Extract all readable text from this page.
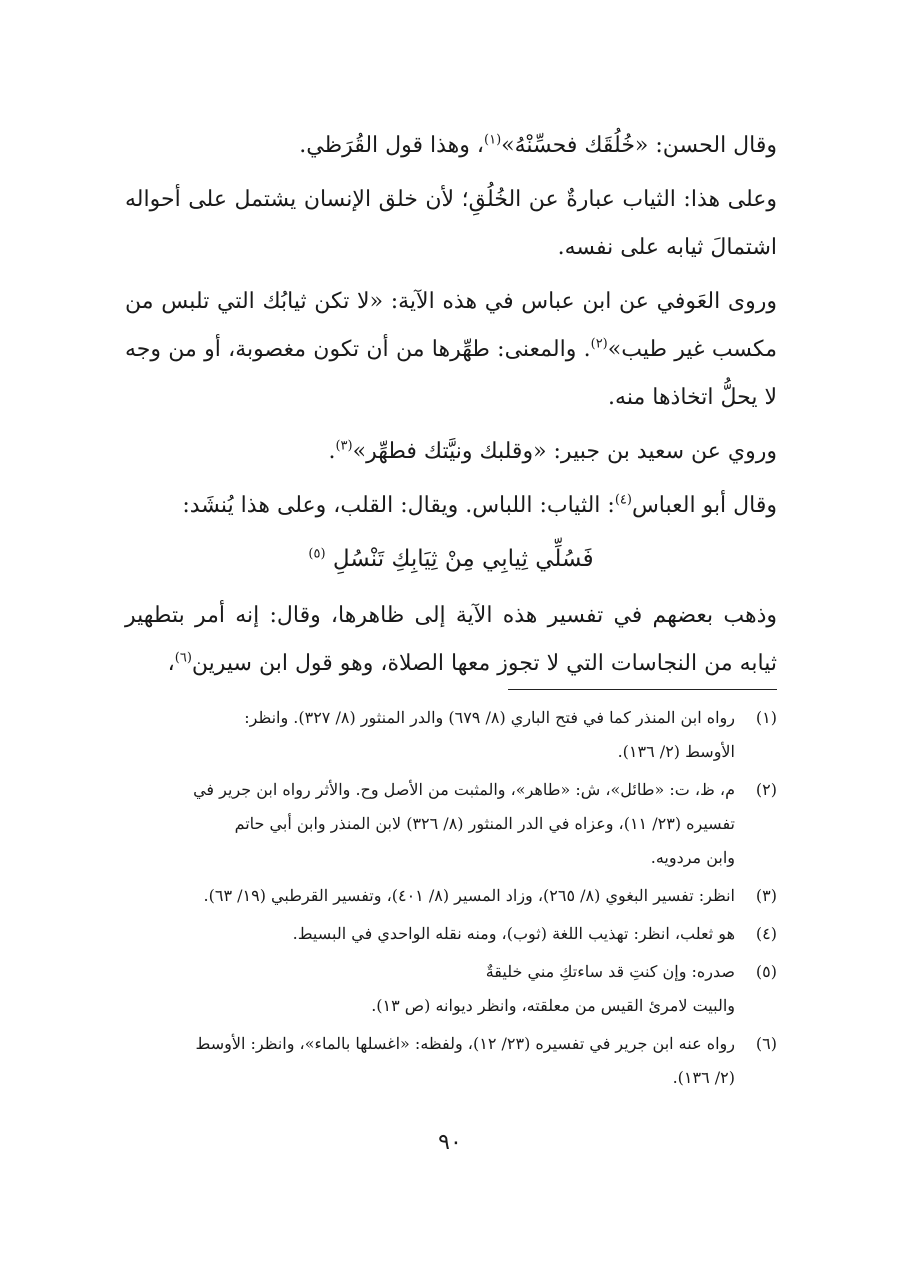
وقال الحسن: «خُلُقَك فحسِّنْهُ»$^{(١)}$، وهذا قول القُرَظي.

وعلى هذا: الثياب عبارةٌ عن الخُلُقِ؛ لأن خلق الإنسان يشتمل على أحواله اشتمالَ ثيابه على نفسه.

وروى العَوفي عن ابن عباس في هذه الآية: «لا تكن ثيابُك التي تلبس من مكسب غير طيب»$^{(٢)}$. والمعنى: طهِّرها من أن تكون مغصوبة، أو من وجه لا يحلُّ اتخاذها منه.

وروي عن سعيد بن جبير: «وقلبك ونيَّتك فطهِّر»$^{(٣)}$.

وقال أبو العباس$^{(٤)}$: الثياب: اللباس. ويقال: القلب، وعلى هذا يُنشَد:

فَسُلِّي ثِيابِي مِنْ ثِيَابِكِ تَنْسُلِ $^{(٥)}$

وذهب بعضهم في تفسير هذه الآية إلى ظاهرها، وقال: إنه أمر بتطهير ثيابه من النجاسات التي لا تجوز معها الصلاة، وهو قول ابن سيرين$^{(٦)}$،

(١)
رواه ابن المنذر كما في فتح الباري (٨/ ٦٧٩) والدر المنثور (٨/ ٣٢٧). وانظر:
الأوسط (٢/ ١٣٦).
(٢)
م، ظ، ت: «طائل»، ش: «طاهر»، والمثبت من الأصل وح. والأثر رواه ابن جرير في
تفسيره (٢٣/ ١١)، وعزاه في الدر المنثور (٨/ ٣٢٦) لابن المنذر وابن أبي حاتم
وابن مردويه.
(٣)
انظر: تفسير البغوي (٨/ ٢٦٥)، وزاد المسير (٨/ ٤٠١)، وتفسير القرطبي (١٩/ ٦٣).
(٤)
هو ثعلب، انظر: تهذيب اللغة (ثوب)، ومنه نقله الواحدي في البسيط.
(٥)
صدره: وإن كنتِ قد ساءتكِ مني خليقةٌ
والبيت لامرئ القيس من معلقته، وانظر ديوانه (ص ١٣).
(٦)
رواه عنه ابن جرير في تفسيره (٢٣/ ١٢)، ولفظه: «اغسلها بالماء»، وانظر: الأوسط
(٢/ ١٣٦).
٩٠
